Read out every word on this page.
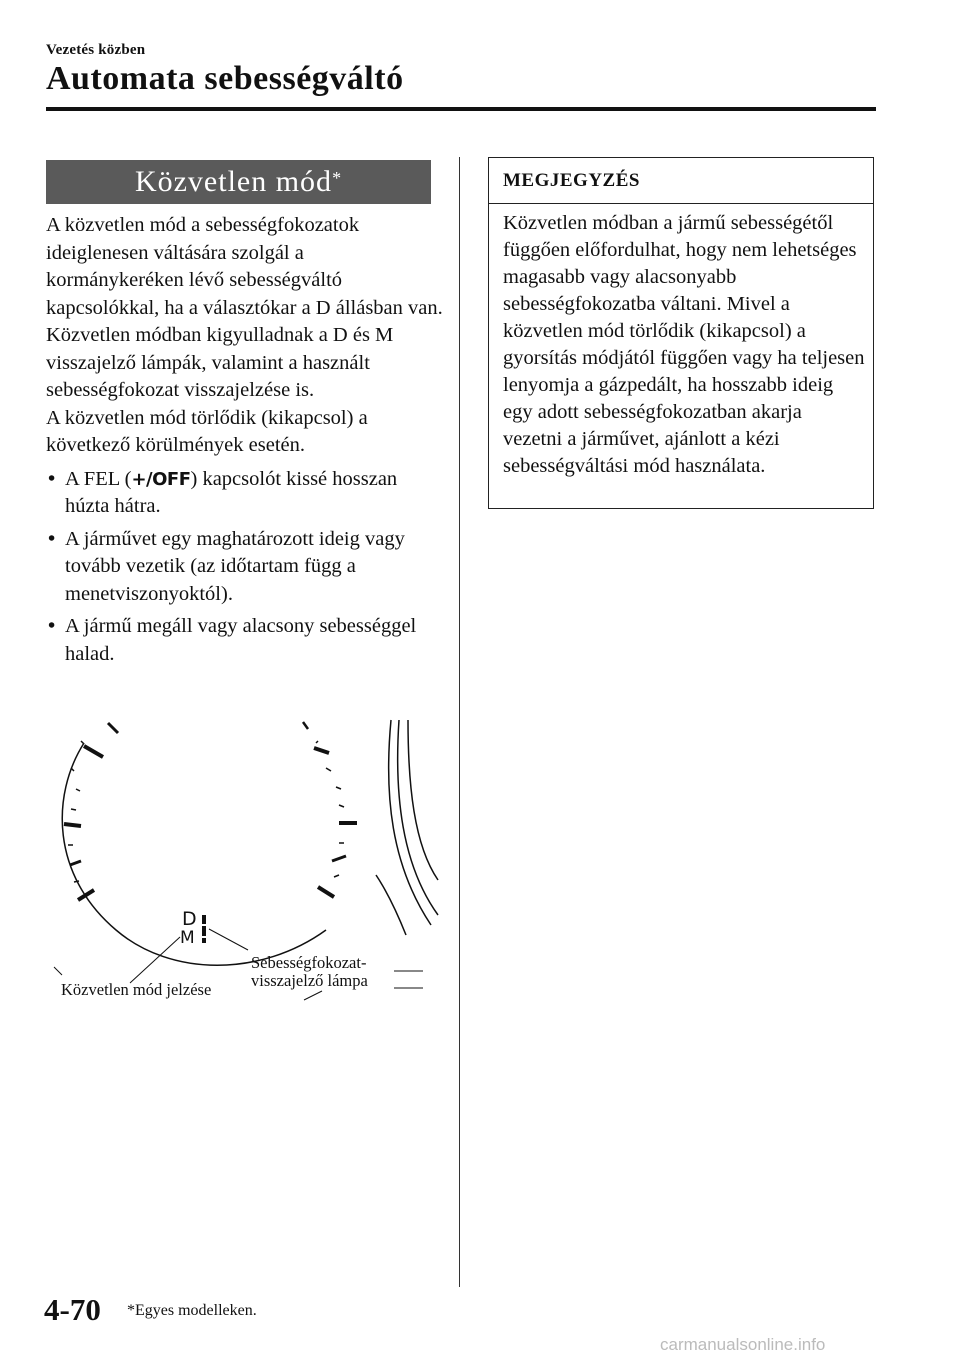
Vezetés közben
Automata sebességváltó
Közvetlen mód*

A közvetlen mód a sebességfokozatok ideiglenesen váltására szolgál a kormánykeréken lévő sebességváltó kapcsolókkal, ha a választókar a D állásban van.

Közvetlen módban kigyulladnak a D és M visszajelző lámpák, valamint a használt sebességfokozat visszajelzése is.

A közvetlen mód törlődik (kikapcsol) a következő körülmények esetén.

• A FEL (+/OFF) kapcsolót kissé hosszan húzta hátra.
• A járművet egy maghatározott ideig vagy tovább vezetik (az időtartam függ a menetviszonyoktól).
• A jármű megáll vagy alacsony sebességgel halad.
MEGJEGYZÉS
Közvetlen módban a jármű sebességétől függően előfordulhat, hogy nem lehetséges magasabb vagy alacsonyabb sebességfokozatba váltani. Mivel a közvetlen mód törlődik (kikapcsol) a gyorsítás módjától függően vagy ha teljesen lenyomja a gázpedált, ha hosszabb ideig egy adott sebességfokozatban akarja vezetni a járművet, ajánlott a kézi sebességváltási mód használata.
D
M
Közvetlen mód jelzése
Sebességfokozat-
visszajelző lámpa
4-70 *Egyes modelleken.
carmanualsonline.info
